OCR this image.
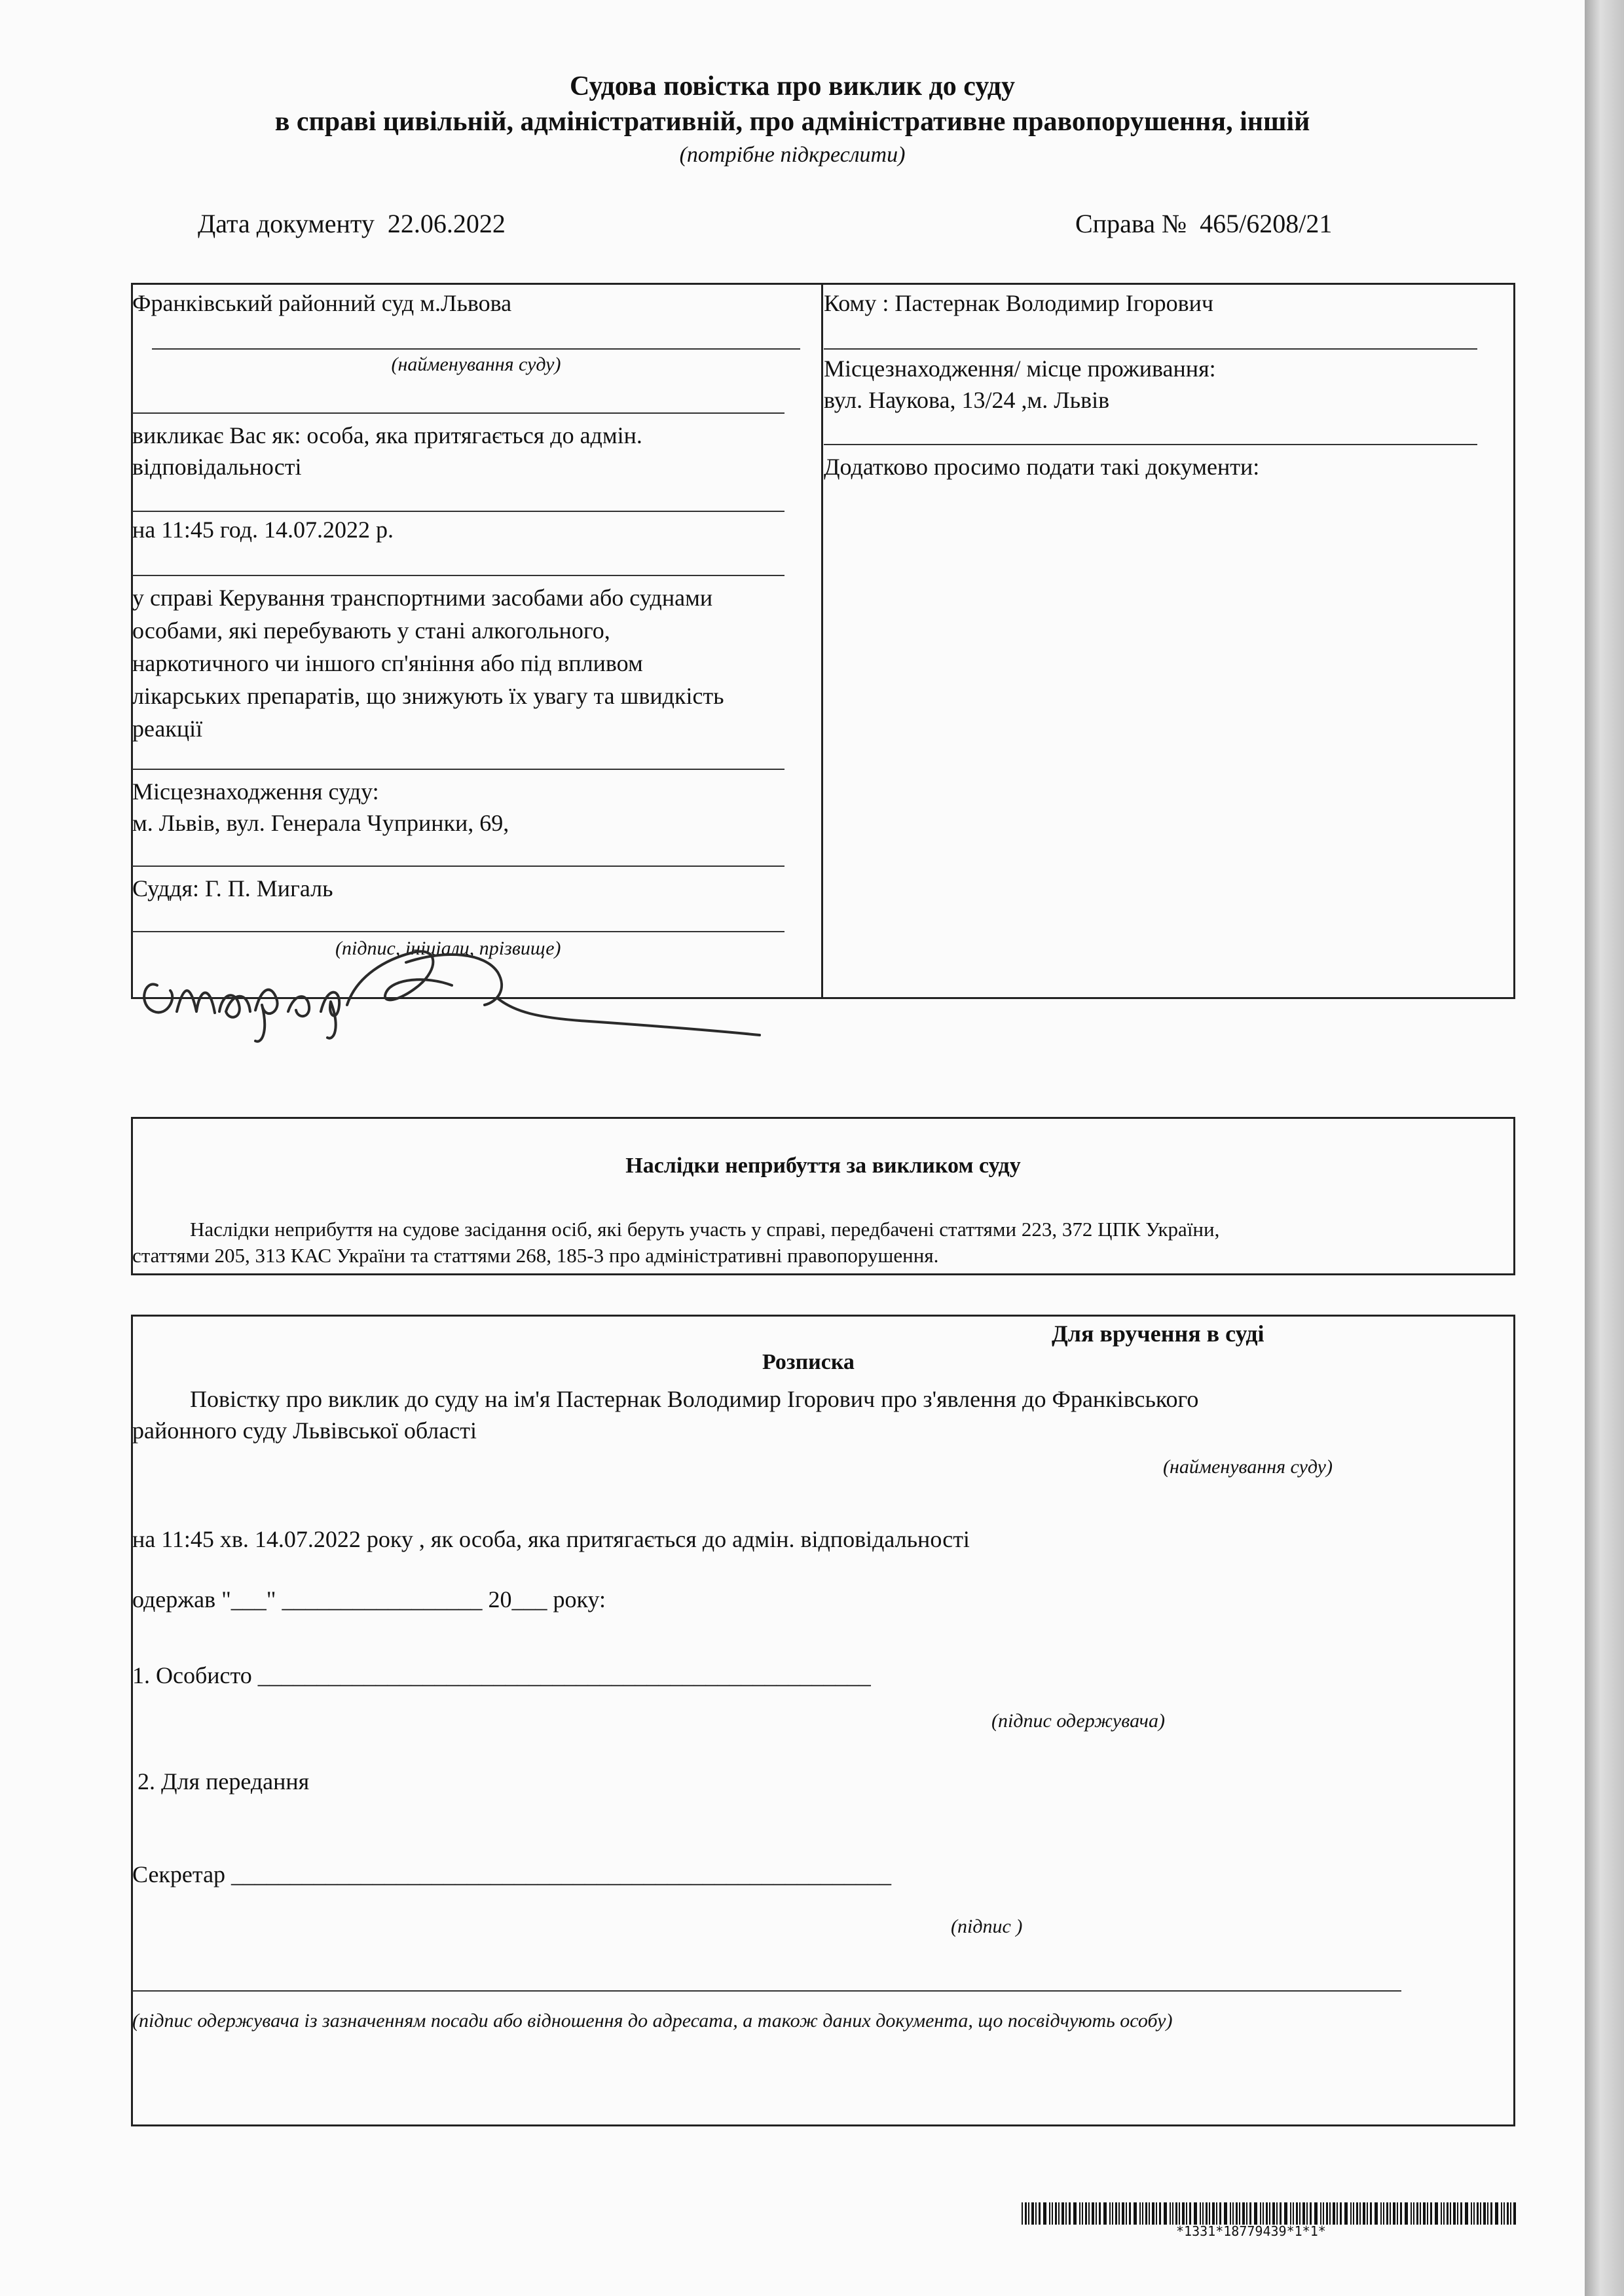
Судова повістка про виклик до суду
в справі цивільній, адміністративній, про адміністративне правопорушення, іншій
(потрібне підкреслити)
Дата документу 22.06.2022	Справа № 465/6208/21
Франківський районний суд м.Львова
(найменування суду)
викликає Вас як: особа, яка притягається до адмін.
відповідальності
на 11:45 год. 14.07.2022 р.
у справі Керування транспортними засобами або суднами
особами, які перебувають у стані алкогольного,
наркотичного чи іншого сп'яніння або під впливом
лікарських препаратів, що знижують їх увагу та швидкість
реакції
Місцезнаходження суду:
м. Львів, вул. Генерала Чупринки, 69,
Суддя: Г. П. Мигаль
(підпис, ініціали, прізвище)
Кому : Пастернак Володимир Ігорович
Місцезнаходження/ місце проживання:
вул. Наукова, 13/24 ,м. Львів
Додатково просимо подати такі документи:
Наслідки неприбуття за викликом суду
Наслідки неприбуття на судове засідання осіб, які беруть участь у справі, передбачені статтями 223, 372 ЦПК України,
статтями 205, 313 КАС України та статтями 268, 185-3 про адміністративні правопорушення.
Для вручення в суді
Розписка
Повістку про виклик до суду на ім'я Пастернак Володимир Ігорович про з'явлення до Франківського
районного суду Львівської області
(найменування суду)
на 11:45 хв. 14.07.2022 року , як особа, яка притягається до адмін. відповідальності
одержав "___" _________________ 20___ року:
1. Особисто ____________________________________________________
(підпис одержувача)
2. Для передання
Секретар ________________________________________________________
(підпис )
(підпис одержувача із зазначенням посади або відношення до адресата, а також даних документа, що посвідчують особу)
*1331*18779439*1*1*
